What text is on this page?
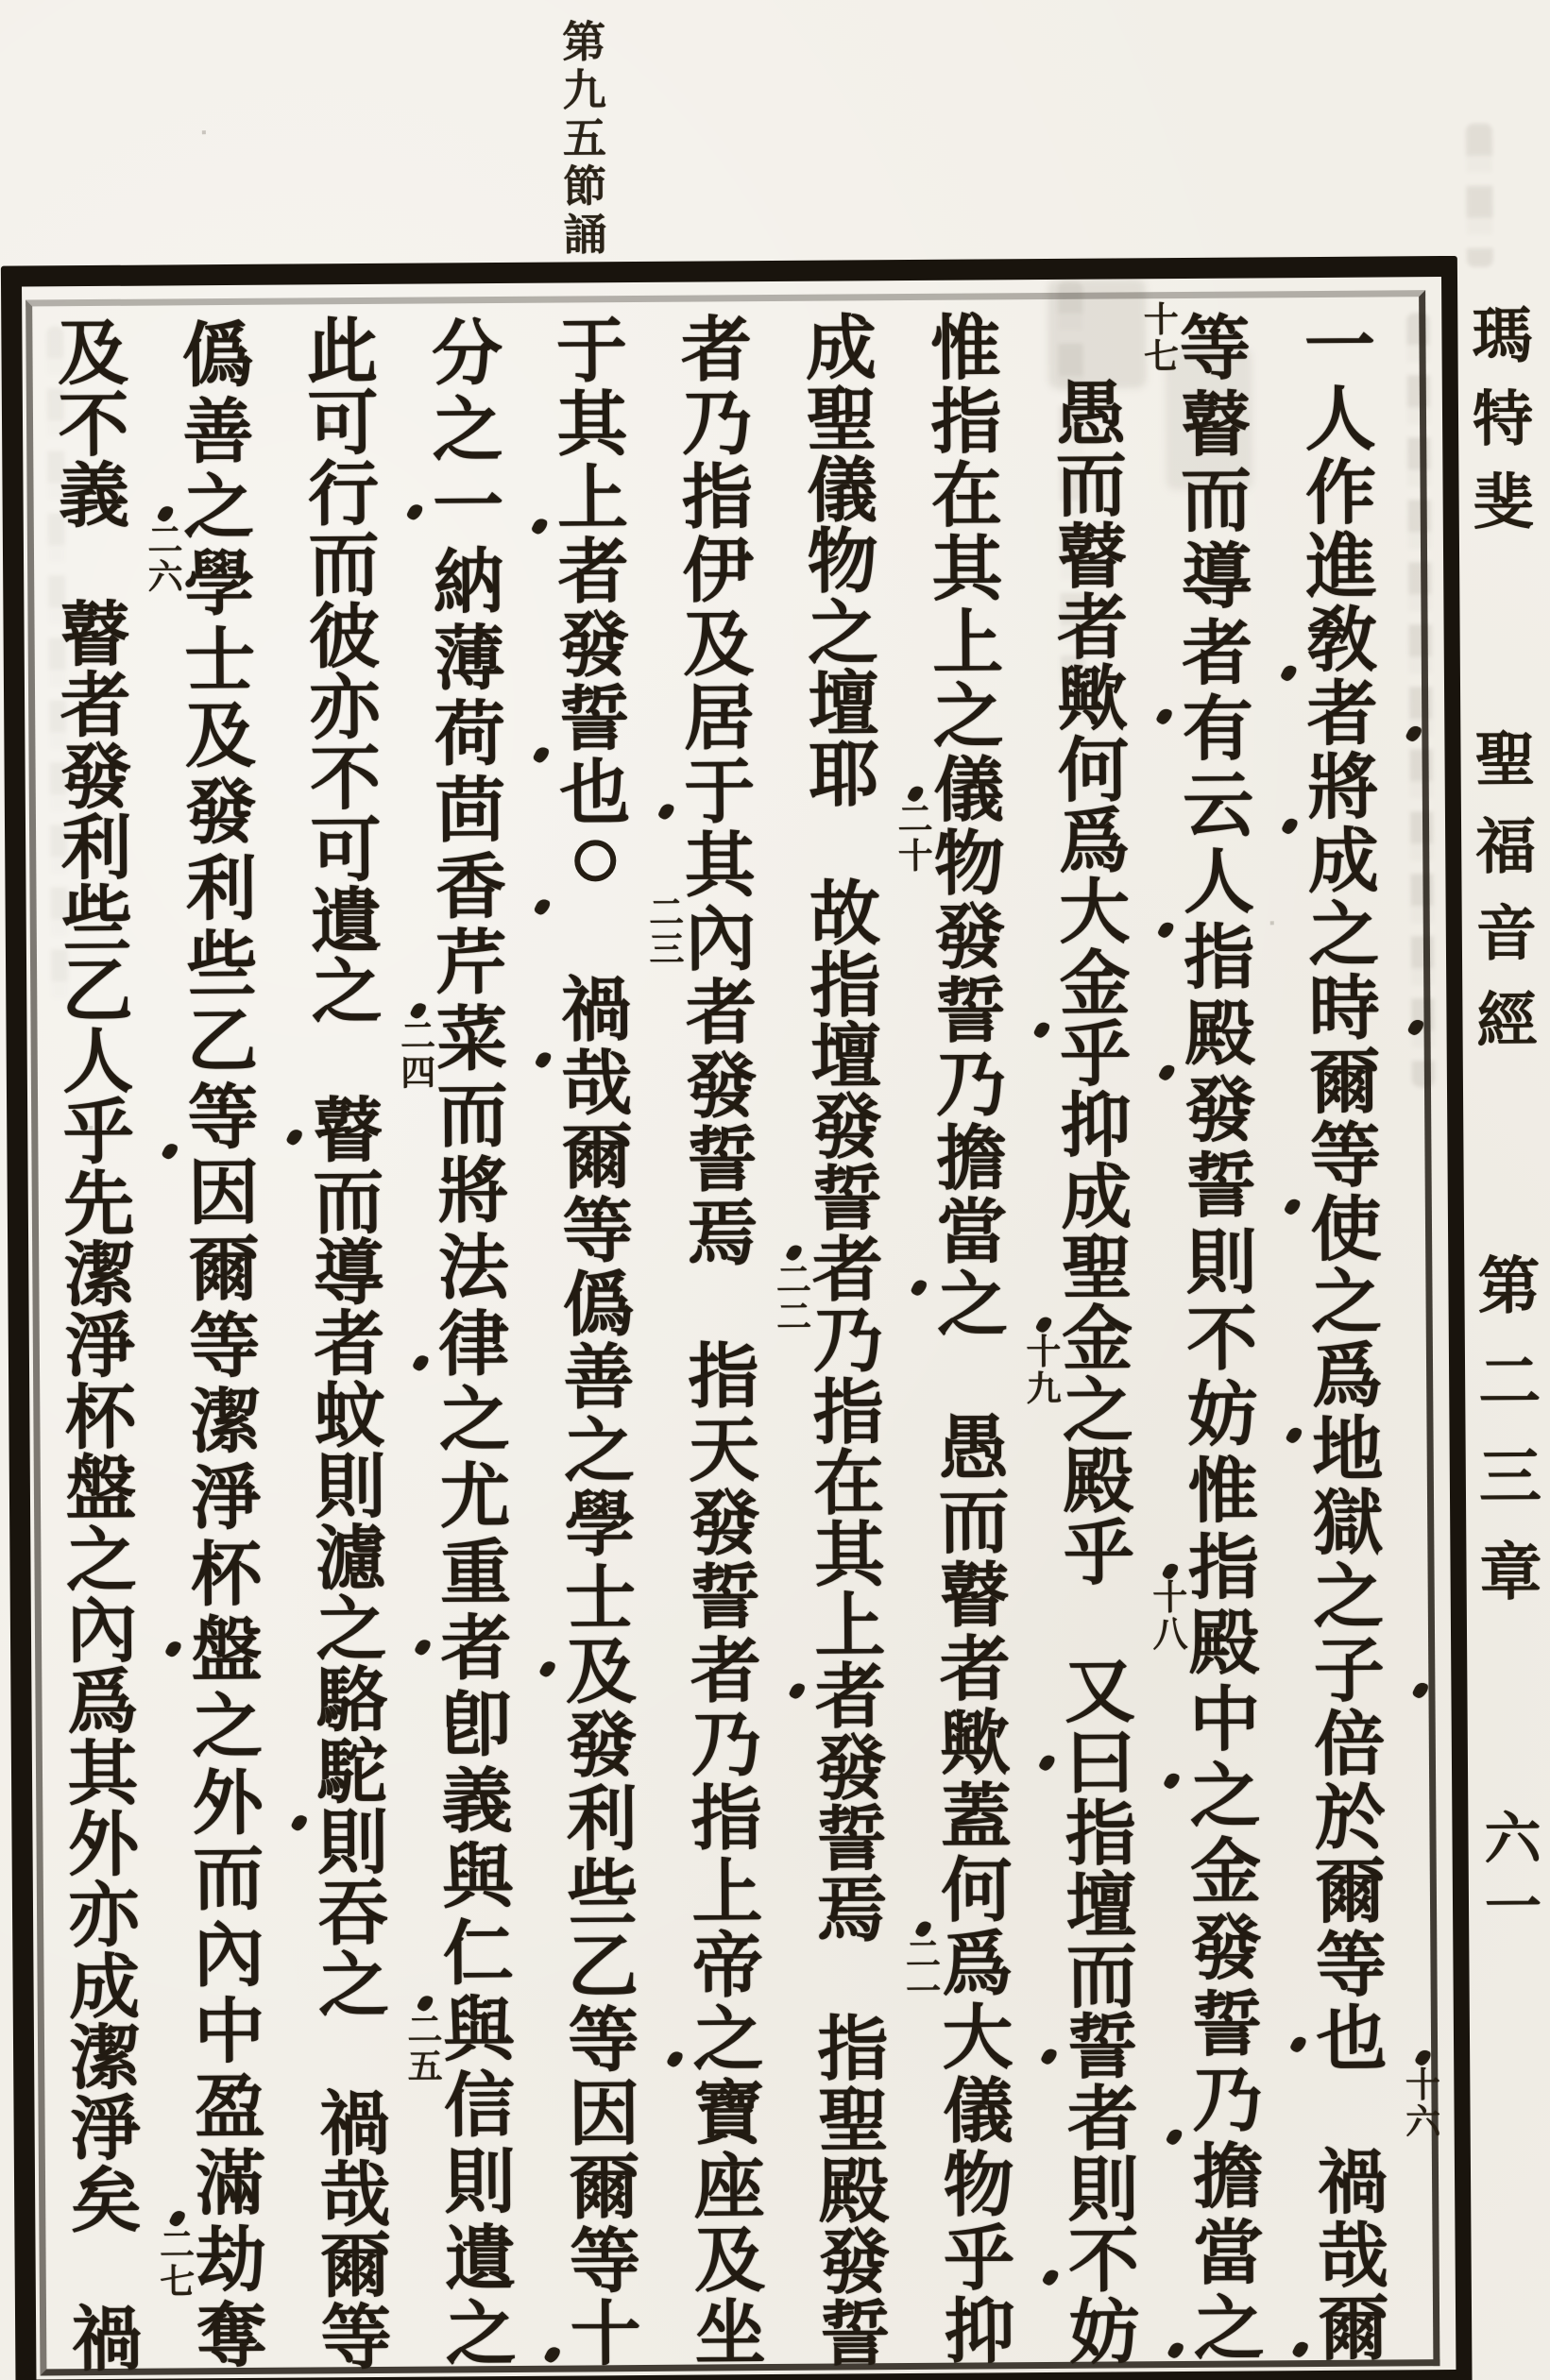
第九五節誦
一
人
作
進
敎
者
將
成
之
時
爾
等
使
之
爲
地
獄
之
子
倍
於
爾
等
也
十
六
禍
哉
爾
等
瞽
而
導
者
有
云
人
指
殿
發
誓
則
不
妨
惟
指
殿
中
之
金
發
誓
乃
擔
當
之
十
七
愚
而
瞽
者
歟
何
爲
大
金
乎
抑
成
聖
金
之
殿
乎
十
八
又
曰
指
壇
而
誓
者
則
不
妨
惟
指
在
其
上
之
儀
物
發
誓
乃
擔
當
之
十
九
愚
而
瞽
者
歟
蓋
何
爲
大
儀
物
乎
抑
成
聖
儀
物
之
壇
耶
二
十
故
指
壇
發
誓
者
乃
指
在
其
上
者
發
誓
焉
二
一
指
聖
殿
發
誓
者
乃
指
伊
及
居
于
其
內
者
發
誓
焉
二
二
指
天
發
誓
者
乃
指
上
帝
之
寶
座
及
坐
于
其
上
者
發
誓
也
二
三
禍
哉
爾
等
僞
善
之
學
士
及
發
利
些
乙
等
因
爾
等
十
分
之
一
納
薄
荷
茴
香
芹
菜
而
將
法
律
之
尤
重
者
卽
義
與
仁
與
信
則
遺
之
此
可
行
而
彼
亦
不
可
遺
之
二
四
瞽
而
導
者
蚊
則
濾
之
駱
駝
則
吞
之
二
五
禍
哉
爾
等
僞
善
之
學
士
及
發
利
些
乙
等
因
爾
等
潔
淨
杯
盤
之
外
而
內
中
盈
滿
劫
奪
及
不
義
二
六
瞽
者
發
利
些
乙
人
乎
先
潔
淨
杯
盤
之
內
爲
其
外
亦
成
潔
淨
矣
二
七
禍
瑪特斐
聖福音經
第二三章
六一
